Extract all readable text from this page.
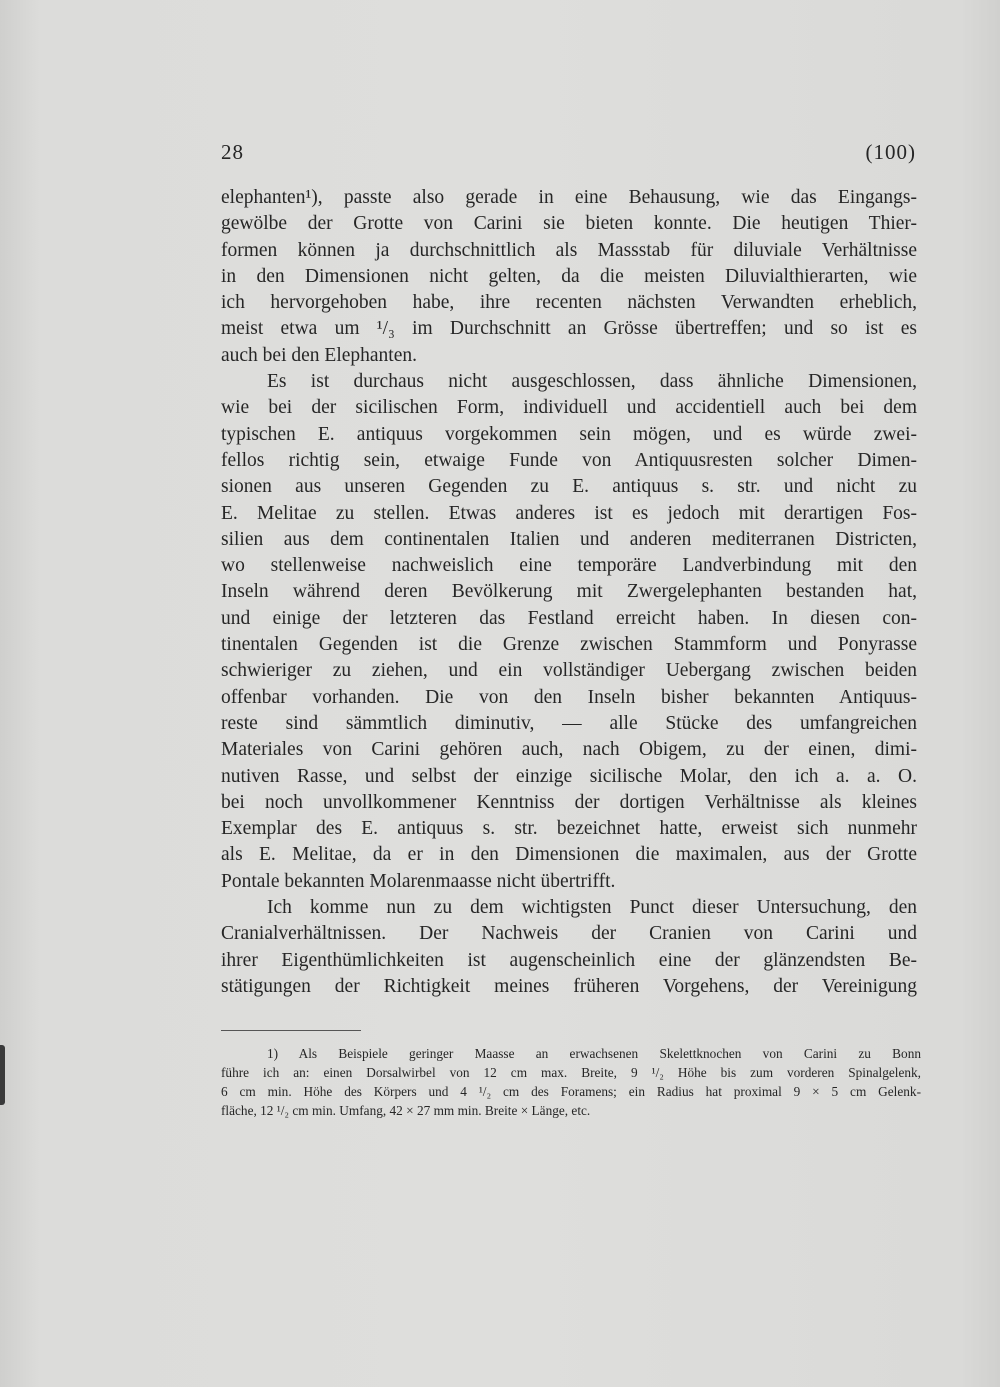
28	(100)
elephanten¹), passte also gerade in eine Behausung, wie das Eingangs-
gewölbe der Grotte von Carini sie bieten konnte. Die heutigen Thier-
formen können ja durchschnittlich als Massstab für diluviale Verhältnisse
in den Dimensionen nicht gelten, da die meisten Diluvialthierarten, wie
ich hervorgehoben habe, ihre recenten nächsten Verwandten erheblich,
meist etwa um ¹/₃ im Durchschnitt an Grösse übertreffen; und so ist es
auch bei den Elephanten.
Es ist durchaus nicht ausgeschlossen, dass ähnliche Dimensionen,
wie bei der sicilischen Form, individuell und accidentiell auch bei dem
typischen E. antiquus vorgekommen sein mögen, und es würde zwei-
fellos richtig sein, etwaige Funde von Antiquusresten solcher Dimen-
sionen aus unseren Gegenden zu E. antiquus s. str. und nicht zu
E. Melitae zu stellen. Etwas anderes ist es jedoch mit derartigen Fos-
silien aus dem continentalen Italien und anderen mediterranen Districten,
wo stellenweise nachweislich eine temporäre Landverbindung mit den
Inseln während deren Bevölkerung mit Zwergelephanten bestanden hat,
und einige der letzteren das Festland erreicht haben. In diesen con-
tinentalen Gegenden ist die Grenze zwischen Stammform und Ponyrasse
schwieriger zu ziehen, und ein vollständiger Uebergang zwischen beiden
offenbar vorhanden. Die von den Inseln bisher bekannten Antiquus-
reste sind sämmtlich diminutiv, — alle Stücke des umfangreichen
Materiales von Carini gehören auch, nach Obigem, zu der einen, dimi-
nutiven Rasse, und selbst der einzige sicilische Molar, den ich a. a. O.
bei noch unvollkommener Kenntniss der dortigen Verhältnisse als kleines
Exemplar des E. antiquus s. str. bezeichnet hatte, erweist sich nunmehr
als E. Melitae, da er in den Dimensionen die maximalen, aus der Grotte
Pontale bekannten Molarenmaasse nicht übertrifft.
Ich komme nun zu dem wichtigsten Punct dieser Untersuchung, den
Cranialverhältnissen. Der Nachweis der Cranien von Carini und
ihrer Eigenthümlichkeiten ist augenscheinlich eine der glänzendsten Be-
stätigungen der Richtigkeit meines früheren Vorgehens, der Vereinigung
1) Als Beispiele geringer Maasse an erwachsenen Skelettknochen von Carini zu Bonn
führe ich an: einen Dorsalwirbel von 12 cm max. Breite, 9 ¹/₂ Höhe bis zum vorderen Spinalgelenk,
6 cm min. Höhe des Körpers und 4 ¹/₂ cm des Foramens; ein Radius hat proximal 9 × 5 cm Gelenk-
fläche, 12 ¹/₂ cm min. Umfang, 42 × 27 mm min. Breite × Länge, etc.
